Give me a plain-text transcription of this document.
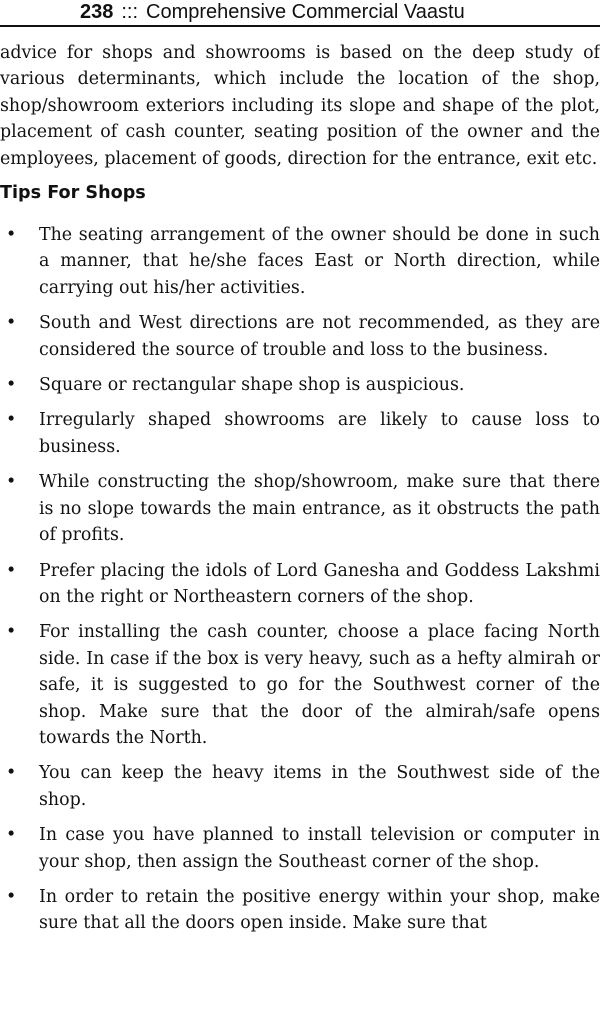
238 ::: Comprehensive Commercial Vaastu

advice for shops and showrooms is based on the deep study of various determinants, which include the location of the shop, shop/showroom exteriors including its slope and shape of the plot, placement of cash counter, seating position of the owner and the employees, placement of goods, direction for the entrance, exit etc.

Tips For Shops
• The seating arrangement of the owner should be done in such a manner, that he/she faces East or North direction, while carrying out his/her activities.
• South and West directions are not recommended, as they are considered the source of trouble and loss to the business.
• Square or rectangular shape shop is auspicious.
• Irregularly shaped showrooms are likely to cause loss to business.
• While constructing the shop/showroom, make sure that there is no slope towards the main entrance, as it obstructs the path of profits.
• Prefer placing the idols of Lord Ganesha and Goddess Lakshmi on the right or Northeastern corners of the shop.
• For installing the cash counter, choose a place facing North side. In case if the box is very heavy, such as a hefty almirah or safe, it is suggested to go for the Southwest corner of the shop. Make sure that the door of the almirah/safe opens towards the North.
• You can keep the heavy items in the Southwest side of the shop.
• In case you have planned to install television or computer in your shop, then assign the Southeast corner of the shop.
• In order to retain the positive energy within your shop, make sure that all the doors open inside. Make sure that
